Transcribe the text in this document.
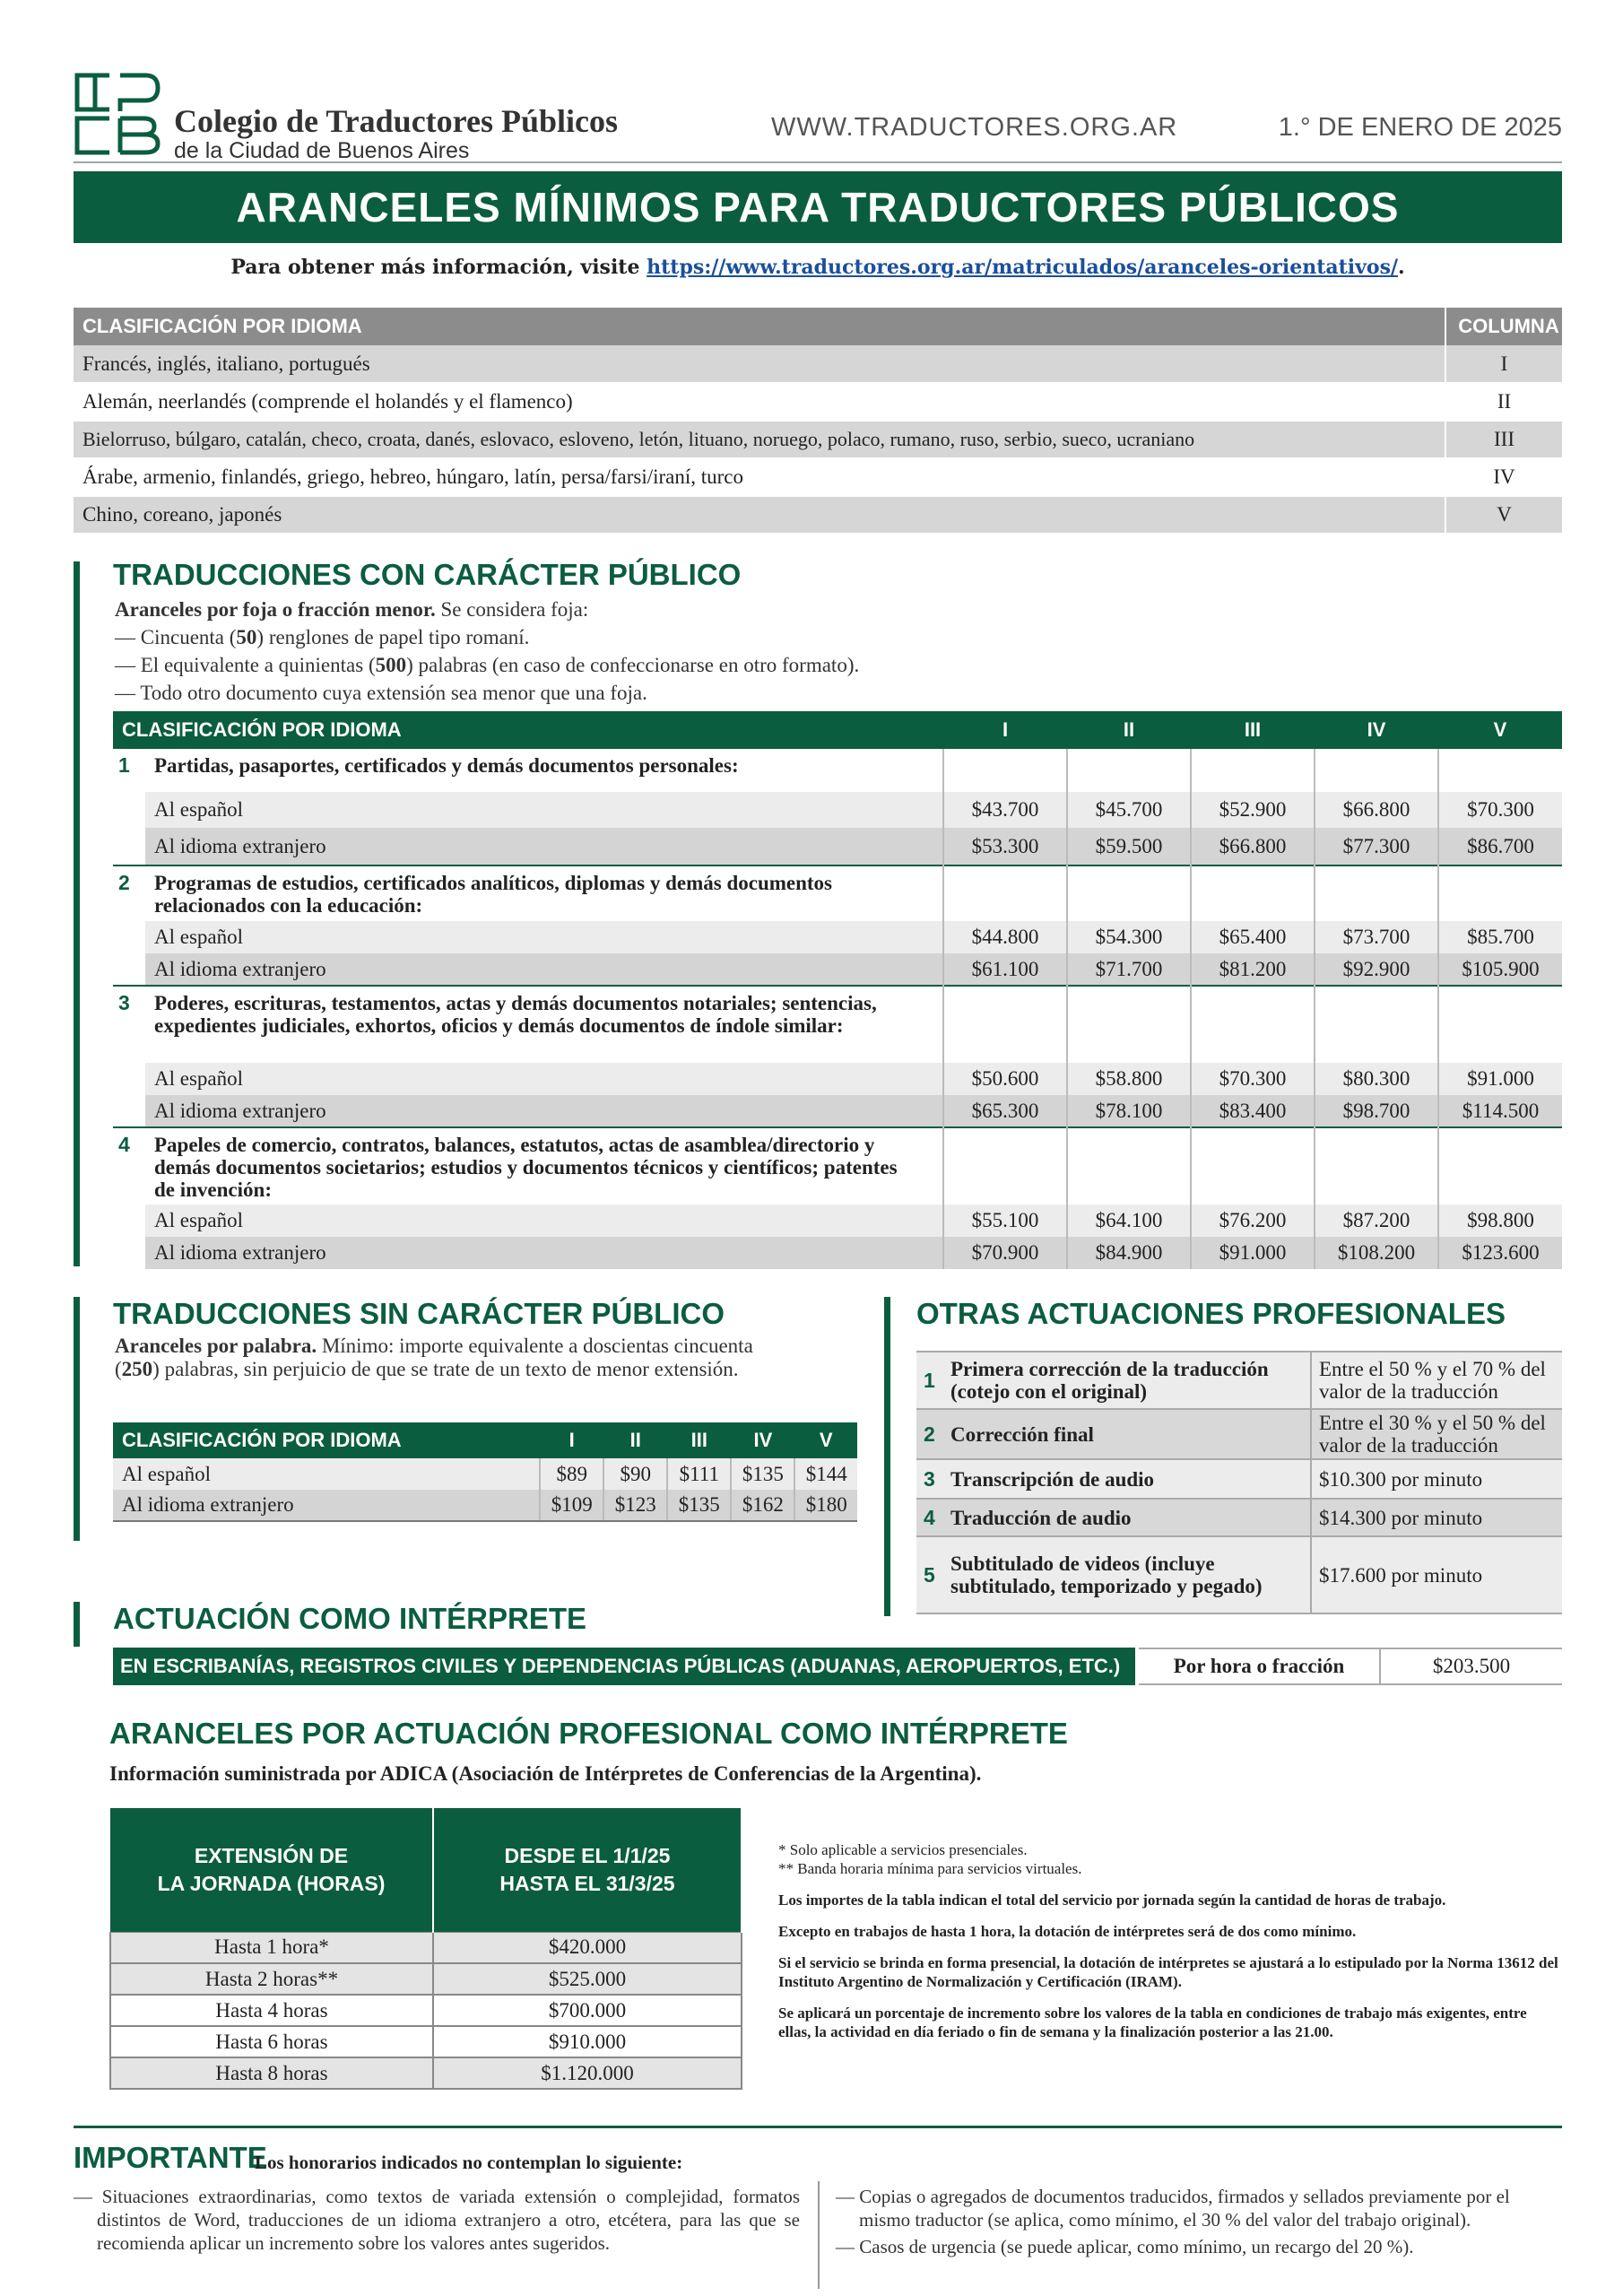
Colegio de Traductores Públicos
de la Ciudad de Buenos Aires
WWW.TRADUCTORES.ORG.AR	1.° DE ENERO DE 2025
ARANCELES MÍNIMOS PARA TRADUCTORES PÚBLICOS
Para obtener más información, visite https://www.traductores.org.ar/matriculados/aranceles-orientativos/.
CLASIFICACIÓN POR IDIOMA	COLUMNA
Francés, inglés, italiano, portugués	I
Alemán, neerlandés (comprende el holandés y el flamenco)	II
Bielorruso, búlgaro, catalán, checo, croata, danés, eslovaco, esloveno, letón, lituano, noruego, polaco, rumano, ruso, serbio, sueco, ucraniano	III
Árabe, armenio, finlandés, griego, hebreo, húngaro, latín, persa/farsi/iraní, turco	IV
Chino, coreano, japonés	V
TRADUCCIONES CON CARÁCTER PÚBLICO
Aranceles por foja o fracción menor. Se considera foja:
— Cincuenta (50) renglones de papel tipo romaní.
— El equivalente a quinientas (500) palabras (en caso de confeccionarse en otro formato).
— Todo otro documento cuya extensión sea menor que una foja.
CLASIFICACIÓN POR IDIOMA		I	II	III	IV	V
1	Partidas, pasaportes, certificados y demás documentos personales:					
	Al español	$43.700	$45.700	$52.900	$66.800	$70.300
	Al idioma extranjero	$53.300	$59.500	$66.800	$77.300	$86.700
2	Programas de estudios, certificados analíticos, diplomas y demás documentos relacionados con la educación:					
	Al español	$44.800	$54.300	$65.400	$73.700	$85.700
	Al idioma extranjero	$61.100	$71.700	$81.200	$92.900	$105.900
3	Poderes, escrituras, testamentos, actas y demás documentos notariales; sentencias, expedientes judiciales, exhortos, oficios y demás documentos de índole similar:					
	Al español	$50.600	$58.800	$70.300	$80.300	$91.000
	Al idioma extranjero	$65.300	$78.100	$83.400	$98.700	$114.500
4	Papeles de comercio, contratos, balances, estatutos, actas de asamblea/directorio y demás documentos societarios; estudios y documentos técnicos y científicos; patentes de invención:					
	Al español	$55.100	$64.100	$76.200	$87.200	$98.800
	Al idioma extranjero	$70.900	$84.900	$91.000	$108.200	$123.600
TRADUCCIONES SIN CARÁCTER PÚBLICO
Aranceles por palabra. Mínimo: importe equivalente a doscientas cincuenta (250) palabras, sin perjuicio de que se trate de un texto de menor extensión.
CLASIFICACIÓN POR IDIOMA	I	II	III	IV	V
Al español	$89	$90	$111	$135	$144
Al idioma extranjero	$109	$123	$135	$162	$180
OTRAS ACTUACIONES PROFESIONALES
1	Primera corrección de la traducción (cotejo con el original)	Entre el 50 % y el 70 % del valor de la traducción
2	Corrección final	Entre el 30 % y el 50 % del valor de la traducción
3	Transcripción de audio	$10.300 por minuto
4	Traducción de audio	$14.300 por minuto
5	Subtitulado de videos (incluye subtitulado, temporizado y pegado)	$17.600 por minuto
ACTUACIÓN COMO INTÉRPRETE
EN ESCRIBANÍAS, REGISTROS CIVILES Y DEPENDENCIAS PÚBLICAS (ADUANAS, AEROPUERTOS, ETC.)	Por hora o fracción	$203.500
ARANCELES POR ACTUACIÓN PROFESIONAL COMO INTÉRPRETE
Información suministrada por ADICA (Asociación de Intérpretes de Conferencias de la Argentina).
EXTENSIÓN DE
LA JORNADA (HORAS)	DESDE EL 1/1/25
HASTA EL 31/3/25
Hasta 1 hora*	$420.000
Hasta 2 horas**	$525.000
Hasta 4 horas	$700.000
Hasta 6 horas	$910.000
Hasta 8 horas	$1.120.000

* Solo aplicable a servicios presenciales.

** Banda horaria mínima para servicios virtuales.

Los importes de la tabla indican el total del servicio por jornada según la cantidad de horas de trabajo.

Excepto en trabajos de hasta 1 hora, la dotación de intérpretes será de dos como mínimo.

Si el servicio se brinda en forma presencial, la dotación de intérpretes se ajustará a lo estipulado por la Norma 13612 del Instituto Argentino de Normalización y Certificación (IRAM).

Se aplicará un porcentaje de incremento sobre los valores de la tabla en condiciones de trabajo más exigentes, entre ellas, la actividad en día feriado o fin de semana y la finalización posterior a las 21.00.

IMPORTANTE
Los honorarios indicados no contemplan lo siguiente:
— Situaciones extraordinarias, como textos de variada extensión o complejidad, formatos distintos de Word, traducciones de un idioma extranjero a otro, etcétera, para las que se recomienda aplicar un incremento sobre los valores antes sugeridos.
— Copias o agregados de documentos traducidos, firmados y sellados previamente por el mismo traductor (se aplica, como mínimo, el 30 % del valor del trabajo original).
— Casos de urgencia (se puede aplicar, como mínimo, un recargo del 20 %).
